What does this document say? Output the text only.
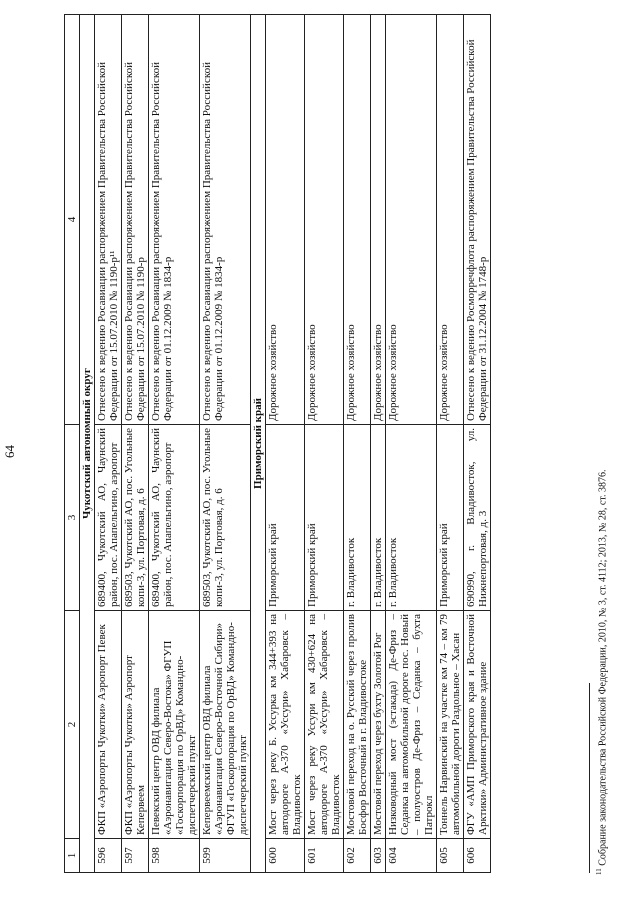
64
1	2	3	4
Чукотский автономный округ			
596	ФКП «Аэропорты Чукотки» Аэропорт Певек	689400, Чукотский АО, Чаунский район, пос. Апапельгино, аэропорт	Отнесено к ведению Росавиации распоряжением Правительства Российской Федерации от 15.07.2010 № 1190-р¹¹
597	ФКП «Аэропорты Чукотки» Аэропорт Кепервеем	689503, Чукотский АО, пос. Угольные копи-3, ул. Портовая, д. 6	Отнесено к ведению Росавиации распоряжением Правительства Российской Федерации от 15.07.2010 № 1190-р
598	Певекский центр ОВД филиала «Аэронавигация Северо-Востока» ФГУП «Госкорпорация по ОрВД» Командно-диспетчерский пункт	689400, Чукотский АО, Чаунский район, пос. Апапельгино, аэропорт	Отнесено к ведению Росавиации распоряжением Правительства Российской Федерации от 01.12.2009 № 1834-р
599	Кепервеемский центр ОВД филиала «Аэронавигация Северо-Восточной Сибири» ФГУП «Госкорпорация по ОрВД» Командно-диспетчерский пункт	689503, Чукотский АО, пос. Угольные копи-3, ул. Портовая, д. 6	Отнесено к ведению Росавиации распоряжением Правительства Российской Федерации от 01.12.2009 № 1834-р
Приморский край			
600	Мост через реку Б. Уссурка км 344+393 на автодороге А-370 «Уссури» Хабаровск – Владивосток	Приморский край	Дорожное хозяйство
601	Мост через реку Уссури км 430+624 на автодороге А-370 «Уссури» Хабаровск – Владивосток	Приморский край	Дорожное хозяйство
602	Мостовой переход на о. Русский через пролив Босфор Восточный в г. Владивостоке	г. Владивосток	Дорожное хозяйство
603	Мостовой переход через бухту Золотой Рог	г. Владивосток	Дорожное хозяйство
604	Низководный мост (эстакада) Де-Фриз – Седанка на автомобильной дороге пос. Новый – полуостров Де-Фриз – Седанка – бухта Патрокл	г. Владивосток	Дорожное хозяйство
605	Тоннель Нарвинский на участке км 74 – км 79 автомобильной дороги Раздольное – Хасан	Приморский край	Дорожное хозяйство
606	ФГУ «АМП Приморского края и Восточной Арктики» Административное здание	690990, г. Владивосток, ул. Нижнепортовая, д. 3	Отнесено к ведению Росморречфлота распоряжением Правительства Российской Федерации от 31.12.2004 № 1748-р
$^{11}$ Собрание законодательства Российской Федерации, 2010, № 3, ст. 4112; 2013, № 28, ст. 3876.
